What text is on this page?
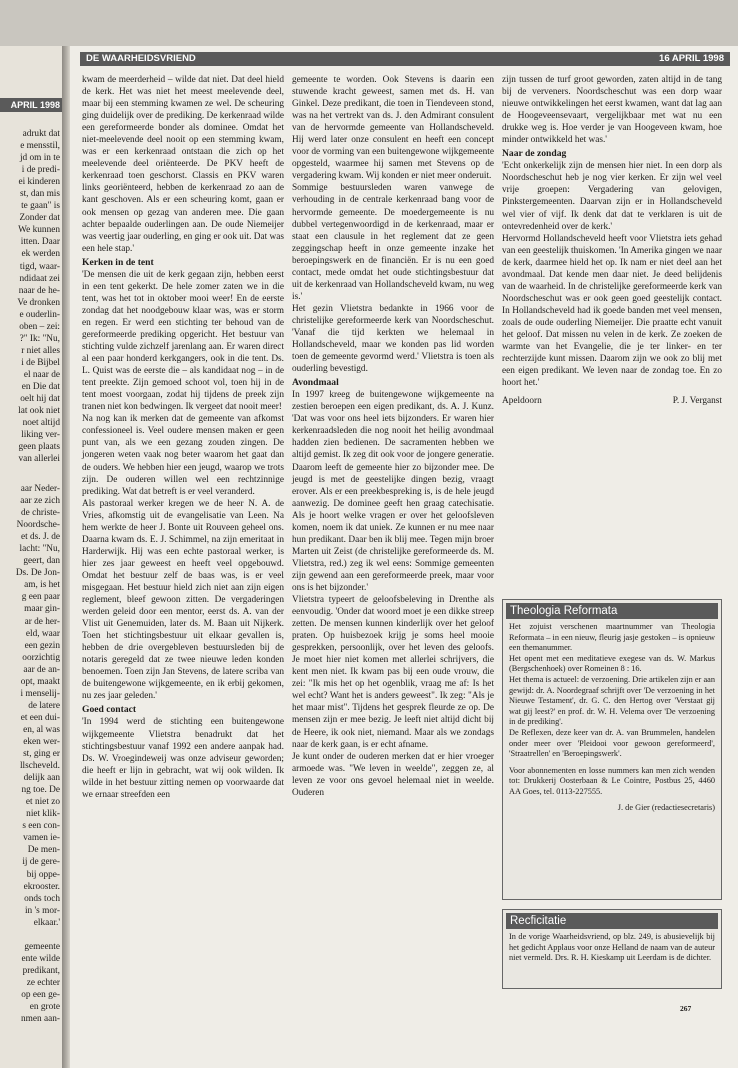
APRIL 1998
adrukt dat
e mensstil,
jd om in te
i de predi-
ei kinderen
st, dan mis
te gaan" is
Zonder dat
We kunnen
itten. Daar
ek werden
tigd, waar-
ndidaat zei
naar de he-
Ve dronken
e ouderlin-
oben – zei:
?" Ik: "Nu,
r niet alles
i de Bijbel
el naar de
en Die dat
oelt hij dat
lat ook niet
noet altijd
liking ver-
geen plaats
van allerlei
aar Neder-
aar ze zich
de christe-
Noordsche-
et ds. J. de
lacht: "Nu,
geert, dan
Ds. De Jon-
am, is het
g een paar
maar gin-
ar de her-
eld, waar
een gezin
oorzichtig
aar de an-
opt, maakt
i menselij-
de latere
et een dui-
en, al was
eken wer-
st, ging er
llscheveld.
delijk aan
ng toe. De
et niet zo
niet klik-
s een con-
vamen ie-
De men-
ij de gere-
bij oppe-
ekrooster.
onds toch
in 's mor-
elkaar.'
gemeente
ente wilde
predikant,
ze echter
op een ge-
en grote
nmen aan-
DE WAARHEIDSVRIEND	16 APRIL 1998

kwam de meerderheid – wilde dat niet. Dat deel hield de kerk. Het was niet het meest meelevende deel, maar bij een stemming kwamen ze wel. De scheuring ging duidelijk over de prediking. De kerkenraad wilde een gereformeerde bonder als dominee. Omdat het niet-meelevende deel nooit op een stemming kwam, was er een kerkenraad ontstaan die zich op het meelevende deel oriënteerde. De PKV heeft de kerkenraad toen geschorst. Classis en PKV waren links georiënteerd, hebben de kerkenraad zo aan de kant geschoven. Als er een scheuring komt, gaan er ook mensen op gezag van anderen mee. Die gaan achter bepaalde ouderlingen aan. De oude Niemeijer was veertig jaar ouderling, en ging er ook uit. Dat was een hele stap.'

Kerken in de tent

'De mensen die uit de kerk gegaan zijn, hebben eerst in een tent gekerkt. De hele zomer zaten we in die tent, was het tot in oktober mooi weer! En de eerste zondag dat het noodgebouw klaar was, was er storm en regen. Er werd een stichting ter behoud van de gereformeerde prediking opgericht. Het bestuur van stichting vulde zichzelf jarenlang aan. Er waren direct al een paar honderd kerkgangers, ook in die tent. Ds. L. Quist was de eerste die – als kandidaat nog – in de tent preekte. Zijn gemoed schoot vol, toen hij in de tent moest voorgaan, zodat hij tijdens de preek zijn tranen niet kon bedwingen. Ik vergeet dat nooit meer!

Na nog kan ik merken dat de gemeente van afkomst confessioneel is. Veel oudere mensen maken er geen punt van, als we een gezang zouden zingen. De jongeren weten vaak nog beter waarom het gaat dan de ouders. We hebben hier een jeugd, waarop we trots zijn. De ouderen willen wel een rechtzinnige prediking. Wat dat betreft is er veel veranderd.

Als pastoraal werker kregen we de heer N. A. de Vries, afkomstig uit de evangelisatie van Leen. Na hem werkte de heer J. Bonte uit Rouveen geheel ons. Daarna kwam ds. E. J. Schimmel, na zijn emeritaat in Harderwijk. Hij was een echte pastoraal werker, is hier zes jaar geweest en heeft veel opgebouwd. Omdat het bestuur zelf de baas was, is er veel misgegaan. Het bestuur hield zich niet aan zijn eigen reglement, bleef gewoon zitten. De vergaderingen werden geleid door een mentor, eerst ds. A. van der Vlist uit Genemuiden, later ds. M. Baan uit Nijkerk. Toen het stichtingsbestuur uit elkaar gevallen is, hebben de drie overgebleven bestuursleden bij de notaris geregeld dat ze twee nieuwe leden konden benoemen. Toen zijn Jan Stevens, de latere scriba van de buitengewone wijkgemeente, en ik erbij gekomen, nu zes jaar geleden.'

Goed contact

'In 1994 werd de stichting een buitengewone wijkgemeente Vlietstra benadrukt dat het stichtingsbestuur vanaf 1992 een andere aanpak had. Ds. W. Vroegindeweij was onze adviseur geworden; die heeft er lijn in gebracht, wat wij ook wilden. Ik wilde in het bestuur zitting nemen op voorwaarde dat we ernaar streefden een

gemeente te worden. Ook Stevens is daarin een stuwende kracht geweest, samen met ds. H. van Ginkel. Deze predikant, die toen in Tiendeveen stond, was na het vertrekt van ds. J. den Admirant consulent van de hervormde gemeente van Hollandscheveld. Hij werd later onze consulent en heeft een concept voor de vorming van een buitengewone wijkgemeente opgesteld, waarmee hij samen met Stevens op de vergadering kwam. Wij konden er niet meer onderuit.

Sommige bestuursleden waren vanwege de verhouding in de centrale kerkenraad bang voor de hervormde gemeente. De moedergemeente is nu dubbel vertegenwoordigd in de kerkenraad, maar er staat een clausule in het reglement dat ze geen zeggingschap heeft in onze gemeente inzake het beroepingswerk en de financiën. Er is nu een goed contact, mede omdat het oude stichtingsbestuur dat uit de kerkenraad van Hollandscheveld kwam, nu weg is.'

Het gezin Vlietstra bedankte in 1966 voor de christelijke gereformeerde kerk van Noordscheschut. 'Vanaf die tijd kerkten we helemaal in Hollandscheveld, maar we konden pas lid worden toen de gemeente gevormd werd.' Vlietstra is toen als ouderling bevestigd.

Avondmaal

In 1997 kreeg de buitengewone wijkgemeente na zestien beroepen een eigen predikant, ds. A. J. Kunz. 'Dat was voor ons heel iets bijzonders. Er waren hier kerkenraadsleden die nog nooit het heilig avondmaal hadden zien bedienen. De sacramenten hebben we altijd gemist. Ik zeg dit ook voor de jongere generatie. Daarom leeft de gemeente hier zo bijzonder mee. De jeugd is met de geestelijke dingen bezig, vraagt erover. Als er een preekbespreking is, is de hele jeugd aanwezig. De dominee geeft hen graag catechisatie. Als je hoort welke vragen er over het geloofsleven komen, noem ik dat uniek. Ze kunnen er nu mee naar hun predikant. Daar ben ik blij mee. Tegen mijn broer Marten uit Zeist (de christelijke gereformeerde ds. M. Vlietstra, red.) zeg ik wel eens: Sommige gemeenten zijn gewend aan een gereformeerde preek, maar voor ons is het bijzonder.'

Vlietstra typeert de geloofsbeleving in Drenthe als eenvoudig. 'Onder dat woord moet je een dikke streep zetten. De mensen kunnen kinderlijk over het geloof praten. Op huisbezoek krijg je soms heel mooie gesprekken, persoonlijk, over het leven des geloofs. Je moet hier niet komen met allerlei schrijvers, die kent men niet. Ik kwam pas bij een oude vrouw, die zei: "Ik mis het op het ogenblik, vraag me af: Is het wel echt? Want het is anders geweest". Ik zeg: "Als je het maar mist". Tijdens het gesprek fleurde ze op. De mensen zijn er mee bezig. Je leeft niet altijd dicht bij de Heere, ik ook niet, niemand. Maar als we zondags naar de kerk gaan, is er echt afname.

Je kunt onder de ouderen merken dat er hier vroeger armoede was. "We leven in weelde", zeggen ze, al leven ze voor ons gevoel helemaal niet in weelde. Ouderen

zijn tussen de turf groot geworden, zaten altijd in de tang bij de verveners. Noordscheschut was een dorp waar nieuwe ontwikkelingen het eerst kwamen, want dat lag aan de Hoogeveensevaart, vergelijkbaar met wat nu een drukke weg is. Hoe verder je van Hoogeveen kwam, hoe minder ontwikkeld het was.'

Naar de zondag

'Echt onkerkelijk zijn de mensen hier niet. In een dorp als Noordscheschut heb je nog vier kerken. Er zijn wel veel vrije groepen: Vergadering van gelovigen, Pinkstergemeenten. Daarvan zijn er in Hollandscheveld wel vier of vijf. Ik denk dat dat te verklaren is uit de ontevredenheid over de kerk.'

Hervormd Hollandscheveld heeft voor Vlietstra iets gehad van een geestelijk thuiskomen. 'In Amerika gingen we naar de kerk, daarmee hield het op. Ik nam er niet deel aan het avondmaal. Dat kende men daar niet. Je deed belijdenis van de waarheid. In de christelijke gereformeerde kerk van Noordscheschut was er ook geen goed geestelijk contact. In Hollandscheveld had ik goede banden met veel mensen, zoals de oude ouderling Niemeijer. Die praatte echt vanuit het geloof. Dat missen nu velen in de kerk. Ze zoeken de warmte van het Evangelie, die je ter linker- en ter rechterzijde kunt missen. Daarom zijn we ook zo blij met een eigen predikant. We leven naar de zondag toe. En zo hoort het.'

Apeldoorn	P. J. Verganst
Theologia Reformata

Het zojuist verschenen maartnummer van Theologia Reformata – in een nieuw, fleurig jasje gestoken – is opnieuw een themanummer.

Het opent met een meditatieve exegese van ds. W. Markus (Bergschenhoek) over Romeinen 8 : 16.

Het thema is actueel: de verzoening. Drie artikelen zijn er aan gewijd: dr. A. Noordegraaf schrijft over 'De verzoening in het Nieuwe Testament', dr. G. C. den Hertog over 'Verstaat gij wat gij leest?' en prof. dr. W. H. Velema over 'De verzoening in de prediking'.

De Reflexen, deze keer van dr. A. van Brummelen, handelen onder meer over 'Pleidooi voor gewoon gereformeerd', 'Straatrellen' en 'Beroepingswerk'.

Voor abonnementen en losse nummers kan men zich wenden tot: Drukkerij Oosterbaan & Le Cointre, Postbus 25, 4460 AA Goes, tel. 0113-227555.

J. de Gier (redactiesecretaris)

Recficitatie

In de vorige Waarheidsvriend, op blz. 249, is abusievelijk bij het gedicht Applaus voor onze Helland de naam van de auteur niet vermeld. Drs. R. H. Kieskamp uit Leerdam is de dichter.

267
